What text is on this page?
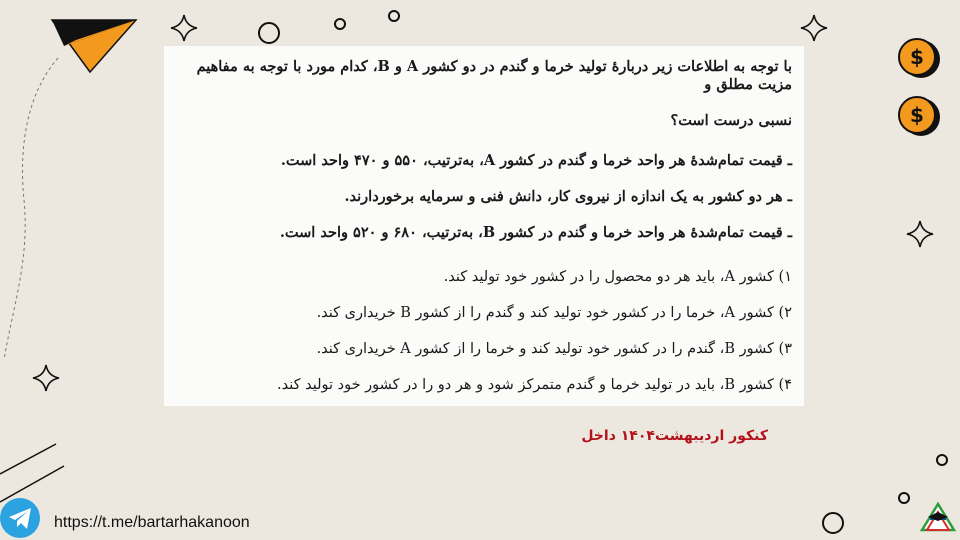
$
$

با توجه به اطلاعات زیر دربارهٔ تولید خرما و گندم در دو کشور A و B، کدام مورد با توجه به مفاهیم مزیت مطلق و

نسبی درست است؟

ـ قیمت تمام‌شدهٔ هر واحد خرما و گندم در کشور A، به‌ترتیب، ۵۵۰ و ۴۷۰ واحد است.

ـ هر دو کشور به یک اندازه از نیروی کار، دانش فنی و سرمایه برخوردارند.

ـ قیمت تمام‌شدهٔ هر واحد خرما و گندم در کشور B، به‌ترتیب، ۶۸۰ و ۵۲۰ واحد است.

۱) کشور A، باید هر دو محصول را در کشور خود تولید کند.

۲) کشور A، خرما را در کشور خود تولید کند و گندم را از کشور B خریداری کند.

۳) کشور B، گندم را در کشور خود تولید کند و خرما را از کشور A خریداری کند.

۴) کشور B، باید در تولید خرما و گندم متمرکز شود و هر دو را در کشور خود تولید کند.

کنکور اردیبهشت۱۴۰۴ داخل
https://t.me/bartarhakanoon
